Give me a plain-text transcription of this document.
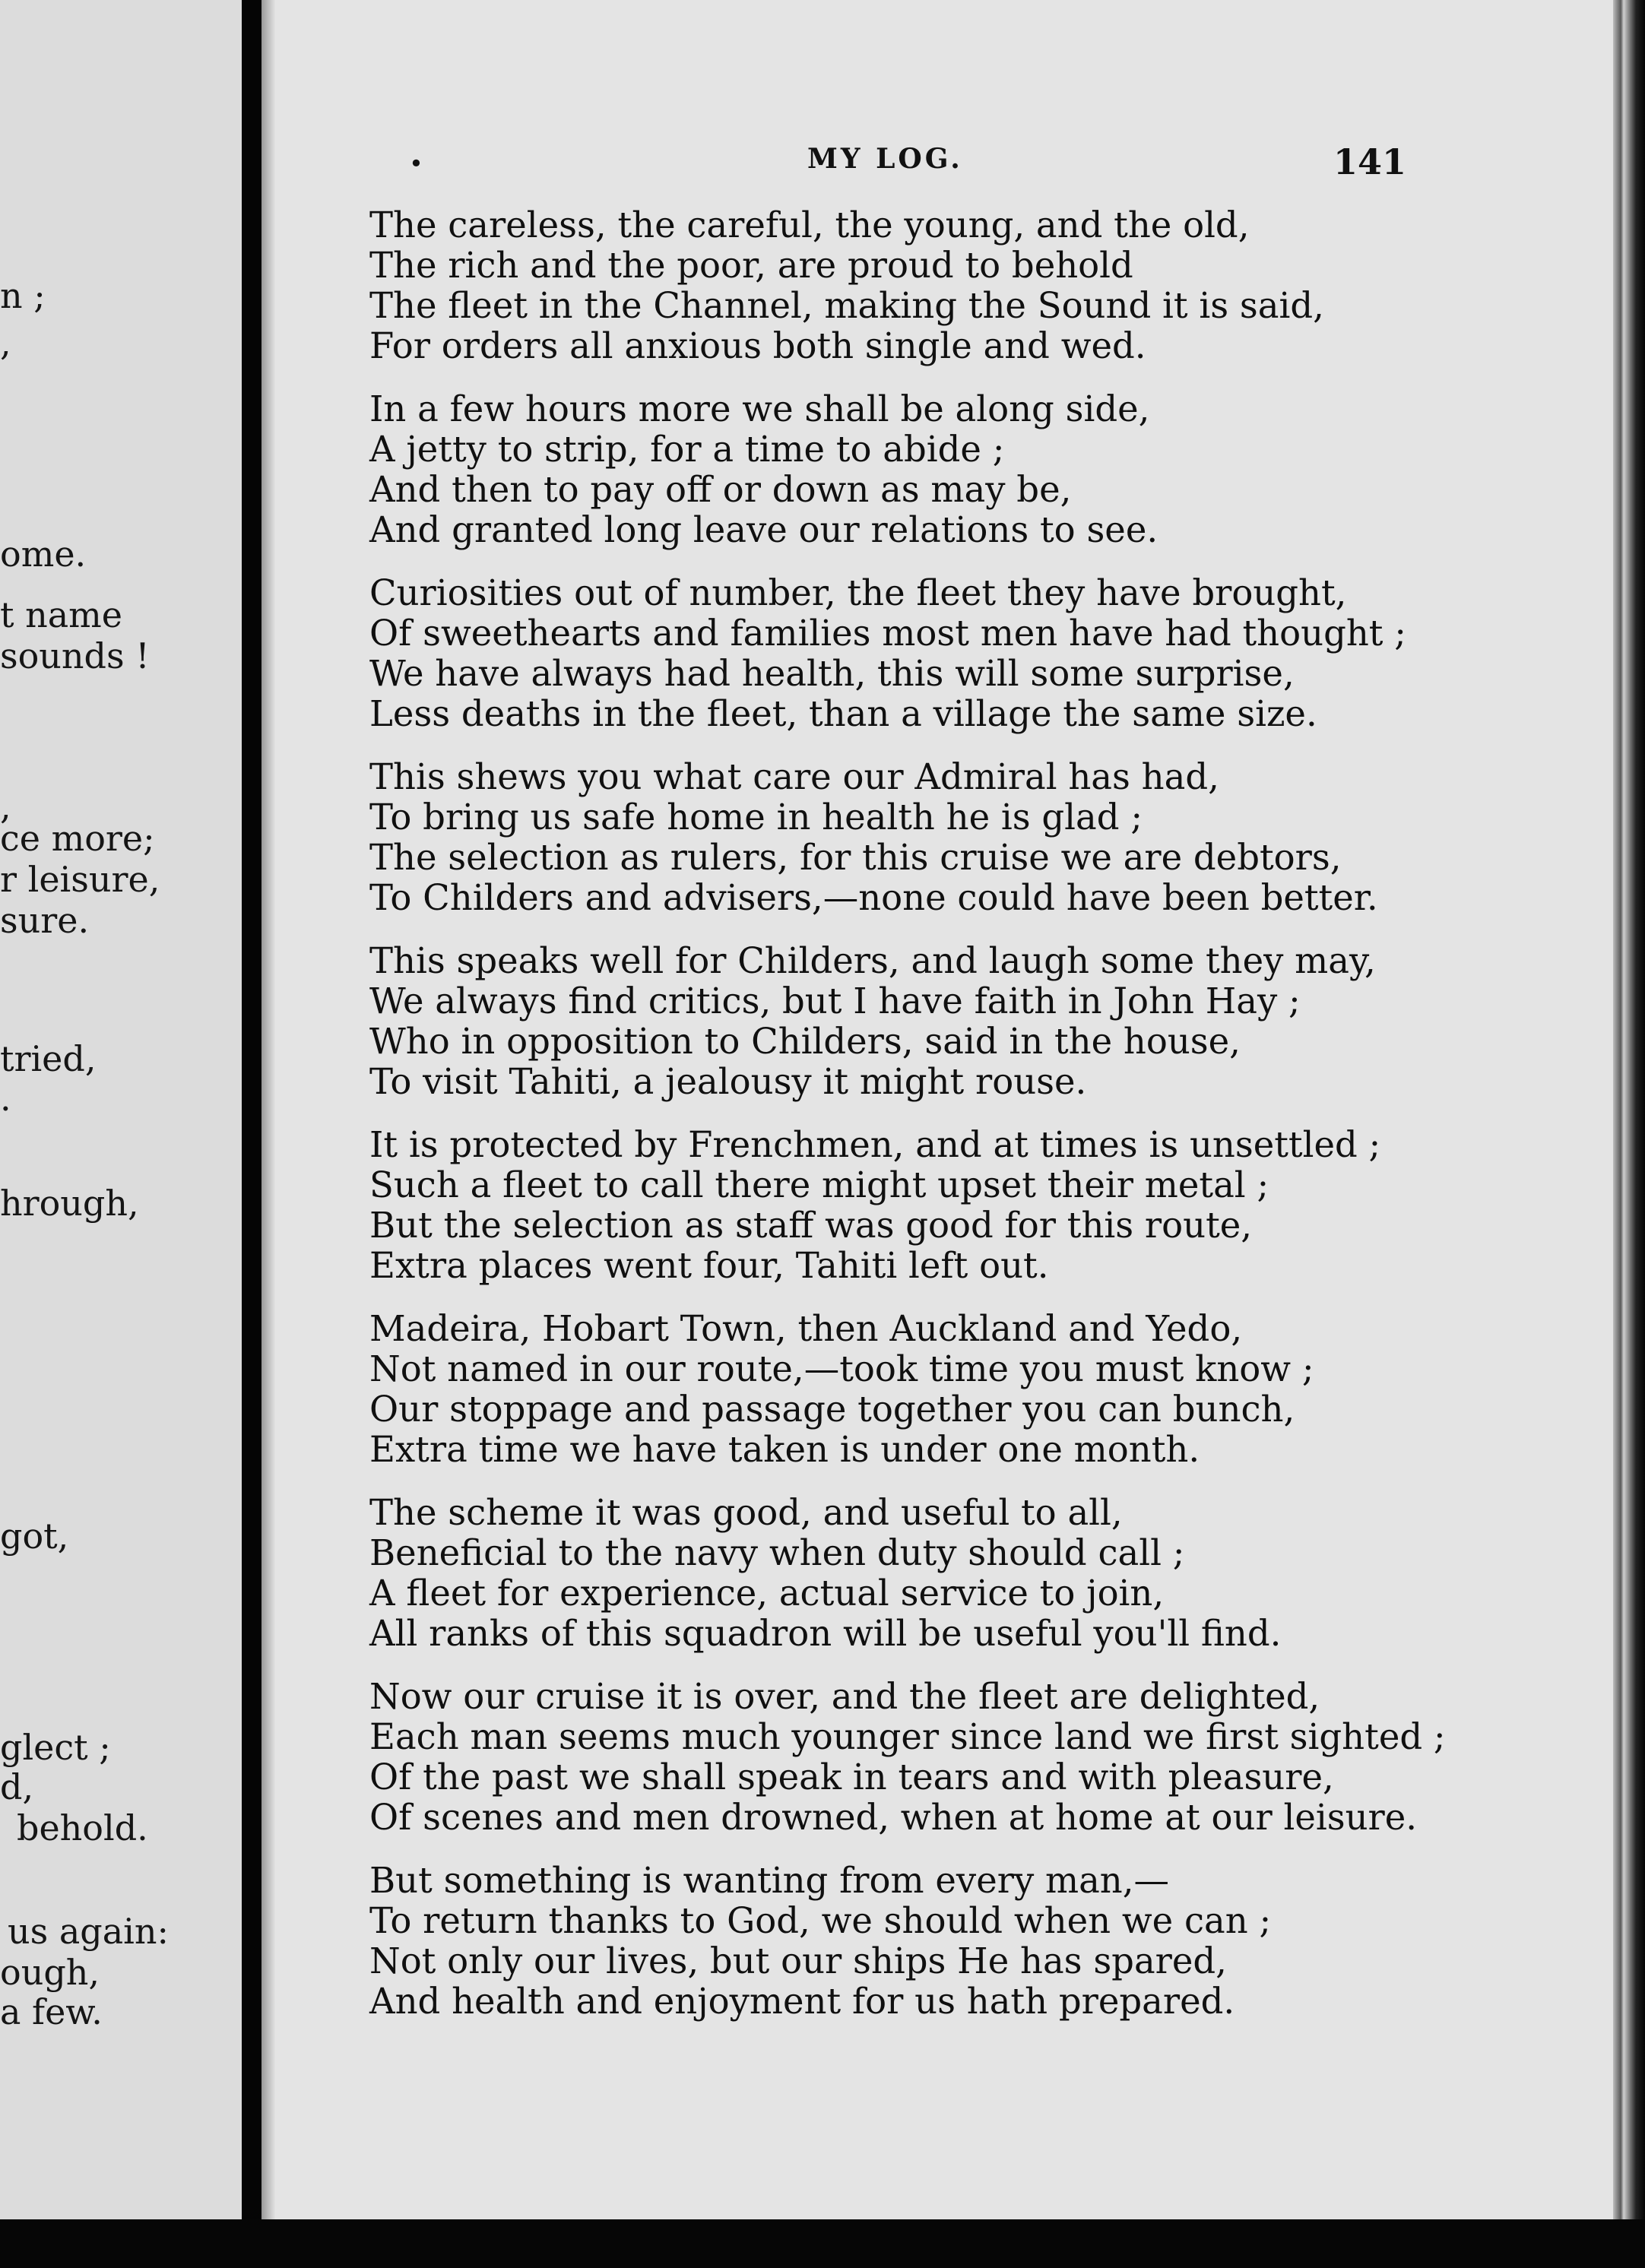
n ;
,
ome.
t name
sounds !
,
ce more;
r leisure,
sure.
tried,
.
hrough,
got,
glect ;
d,
behold.
us again:
ough,
a few.
•	MY LOG.	141
The careless, the careful, the young, and the old,
The rich and the poor, are proud to behold
The fleet in the Channel, making the Sound it is said,
For orders all anxious both single and wed.
In a few hours more we shall be along side,
A jetty to strip, for a time to abide ;
And then to pay off or down as may be,
And granted long leave our relations to see.
Curiosities out of number, the fleet they have brought,
Of sweethearts and families most men have had thought ;
We have always had health, this will some surprise,
Less deaths in the fleet, than a village the same size.
This shews you what care our Admiral has had,
To bring us safe home in health he is glad ;
The selection as rulers, for this cruise we are debtors,
To Childers and advisers,—none could have been better.
This speaks well for Childers, and laugh some they may,
We always find critics, but I have faith in John Hay ;
Who in opposition to Childers, said in the house,
To visit Tahiti, a jealousy it might rouse.
It is protected by Frenchmen, and at times is unsettled ;
Such a fleet to call there might upset their metal ;
But the selection as staff was good for this route,
Extra places went four, Tahiti left out.
Madeira, Hobart Town, then Auckland and Yedo,
Not named in our route,—took time you must know ;
Our stoppage and passage together you can bunch,
Extra time we have taken is under one month.
The scheme it was good, and useful to all,
Beneficial to the navy when duty should call ;
A fleet for experience, actual service to join,
All ranks of this squadron will be useful you'll find.
Now our cruise it is over, and the fleet are delighted,
Each man seems much younger since land we first sighted ;
Of the past we shall speak in tears and with pleasure,
Of scenes and men drowned, when at home at our leisure.
But something is wanting from every man,—
To return thanks to God, we should when we can ;
Not only our lives, but our ships He has spared,
And health and enjoyment for us hath prepared.
